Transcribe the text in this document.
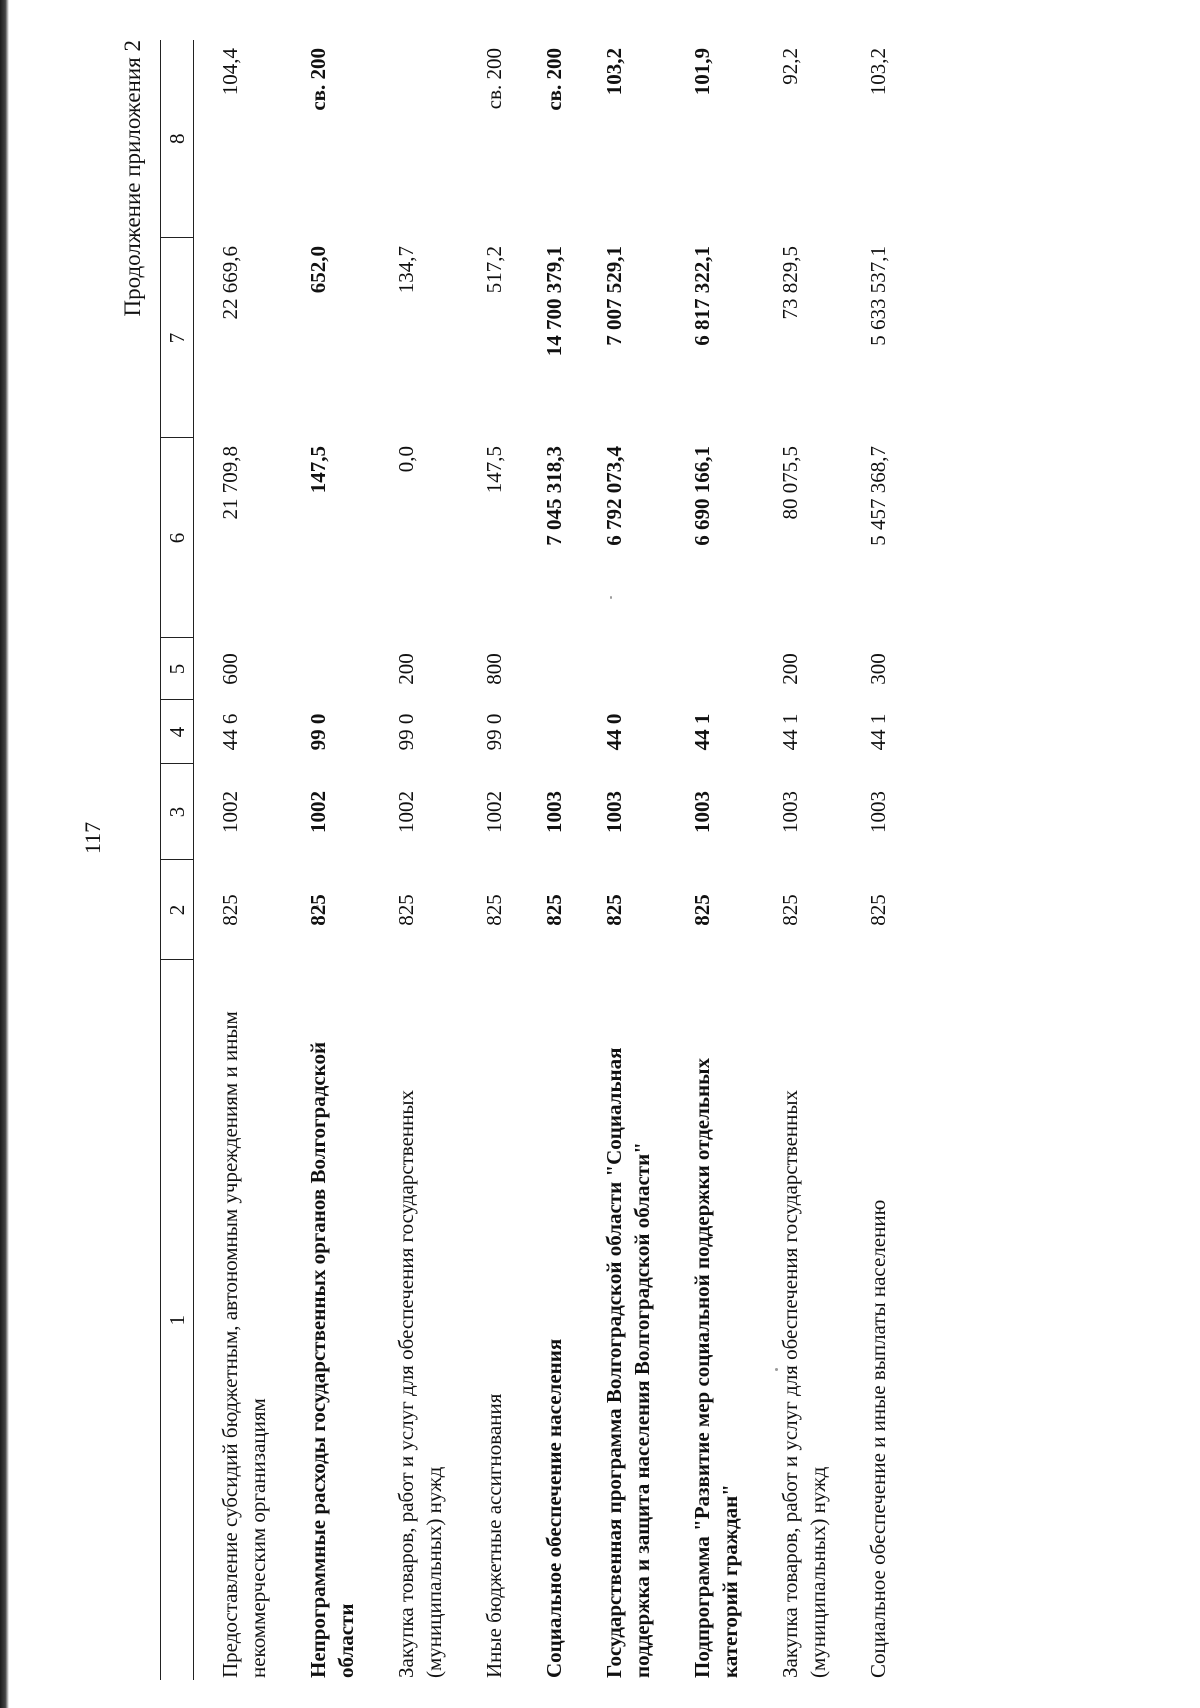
117
Продолжение приложения 2
1	2	3	4	5	6	7	8
Предоставление субсидий бюджетным, автономным учреждениям и иным некоммерческим организациям	825	1002	44 6	600	21 709,8	22 669,6	104,4
Непрограммные расходы государственных органов Волгоградской области	825	1002	99 0		147,5	652,0	св. 200
Закупка товаров, работ и услуг для обеспечения государственных (муниципальных) нужд	825	1002	99 0	200	0,0	134,7	
Иные бюджетные ассигнования	825	1002	99 0	800	147,5	517,2	св. 200
Социальное обеспечение населения	825	1003			7 045 318,3	14 700 379,1	св. 200
Государственная программа Волгоградской области "Социальная поддержка и защита населения Волгоградской области"	825	1003	44 0		6 792 073,4	7 007 529,1	103,2
Подпрограмма "Развитие мер социальной поддержки отдельных категорий граждан"	825	1003	44 1		6 690 166,1	6 817 322,1	101,9
Закупка товаров, работ и услуг для обеспечения государственных (муниципальных) нужд	825	1003	44 1	200	80 075,5	73 829,5	92,2
Социальное обеспечение и иные выплаты населению	825	1003	44 1	300	5 457 368,7	5 633 537,1	103,2
